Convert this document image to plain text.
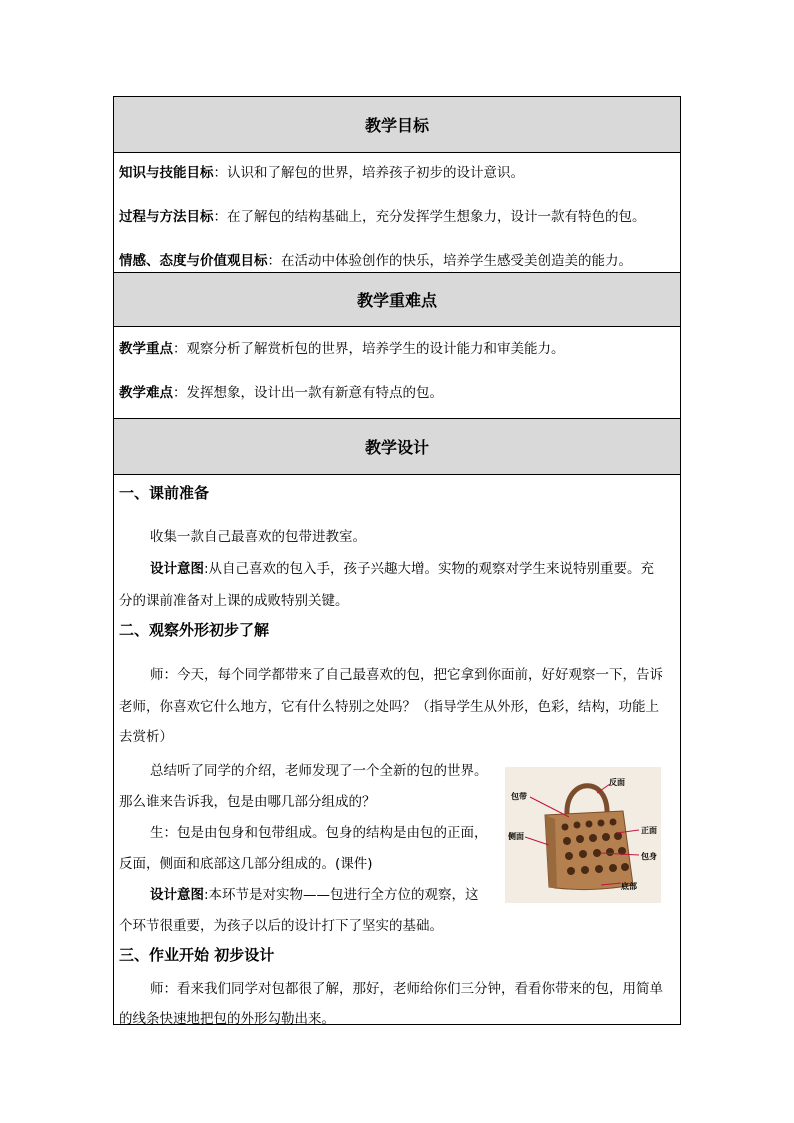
教学目标
知识与技能目标：认识和了解包的世界，培养孩子初步的设计意识。
过程与方法目标：在了解包的结构基础上，充分发挥学生想象力，设计一款有特色的包。
情感、态度与价值观目标：在活动中体验创作的快乐，培养学生感受美创造美的能力。
教学重难点
教学重点：观察分析了解赏析包的世界，培养学生的设计能力和审美能力。
教学难点：发挥想象，设计出一款有新意有特点的包。
教学设计
一、课前准备
收集一款自己最喜欢的包带进教室。
设计意图:从自己喜欢的包入手，孩子兴趣大增。实物的观察对学生来说特别重要。充
分的课前准备对上课的成败特别关键。
二、观察外形初步了解
师：今天，每个同学都带来了自己最喜欢的包，把它拿到你面前，好好观察一下，告诉
老师，你喜欢它什么地方，它有什么特别之处吗？（指导学生从外形，色彩，结构，功能上
去赏析）
总结听了同学的介绍，老师发现了一个全新的包的世界。
那么谁来告诉我，包是由哪几部分组成的？
生：包是由包身和包带组成。包身的结构是由包的正面，
反面，侧面和底部这几部分组成的。(课件)
设计意图:本环节是对实物——包进行全方位的观察，这
个环节很重要，为孩子以后的设计打下了坚实的基础。
三、作业开始 初步设计
师：看来我们同学对包都很了解，那好，老师给你们三分钟，看看你带来的包，用简单
的线条快速地把包的外形勾勒出来。
包带
反面
侧面
正面
包身
底部
